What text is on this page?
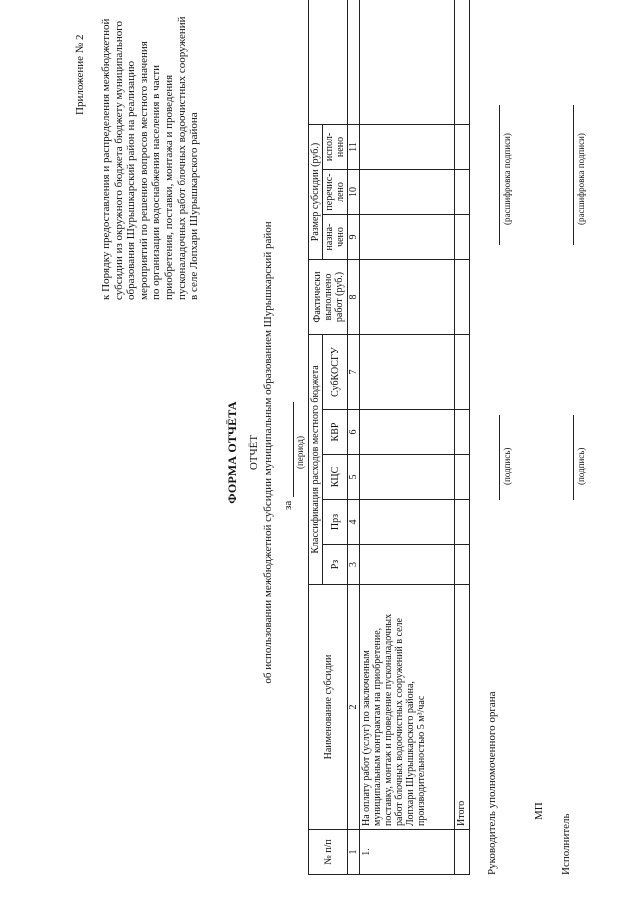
Приложение № 2 к Порядку предоставления и распределения межбюджетной субсидии из окружного бюджета бюджету муниципального образования Шурышкарский район на реализацию мероприятий по решению вопросов местного значения по организации водоснабжения населения в части приобретения, поставки, монтажа и проведения пусконаладочных работ блочных водоочистных сооружений в селе Лопхари Шурышкарского района
ФОРМА ОТЧЁТА ОТЧЁТ об использовании межбюджетной субсидии муниципальным образованием Шурышкарский район за
(период)
№ п/п	Наименование субсидии	Классификация расходов местного бюджета					Фактически выполнено работ (руб.)	Размер субсидии (руб.)			
		Рз	Прз	КЦС	КВР	СубКОСГУ		назна-чено	перечис-лено	испол-нено	
1	2	3	4	5	6	7	8	9	10	11	
1.	На оплату работ (услуг) по заключенным муниципальным контрактам на приобретение, поставку, монтаж и проведение пусконаладочных работ блочных водоочистных сооружений в селе Лопхари Шурышкарского района, производительностью 5 м³/час										
	Итого										Руководитель уполномоченного органа
(подпись)
(расшифровка подписи)
МП
Исполнитель
(подпись)
(расшифровка подписи)
